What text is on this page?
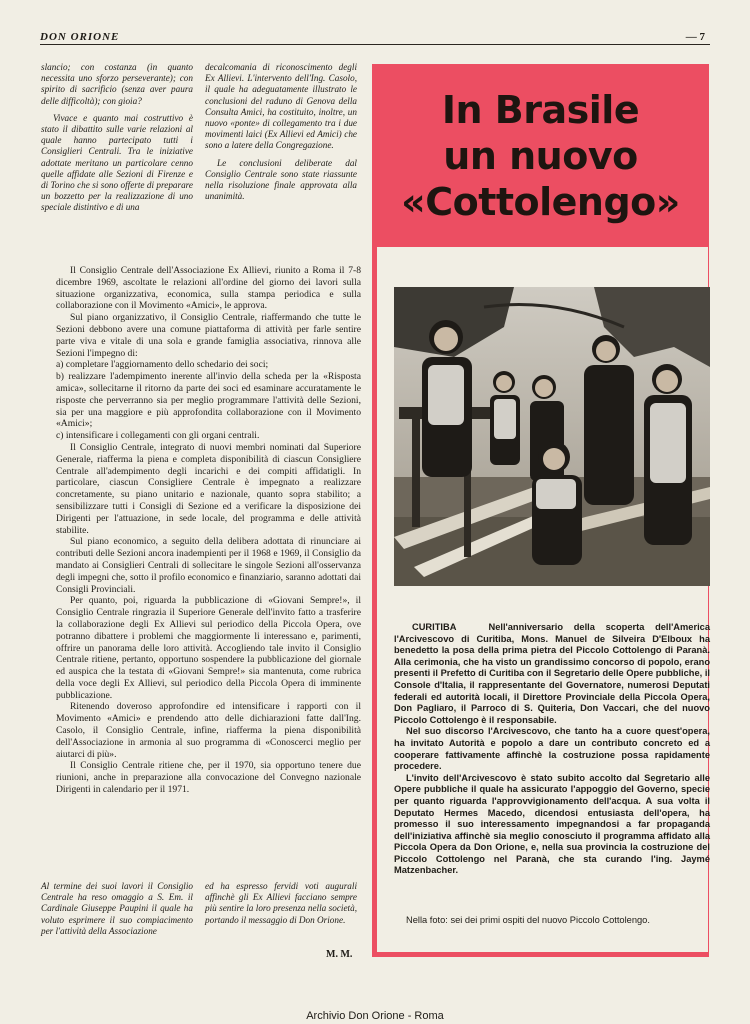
DON ORIONE	— 7

slancio; con costanza (in quanto necessita uno sforzo perseverante); con spirito di sacrificio (senza aver paura delle difficoltà); con gioia?

Vivace e quanto mai costruttivo è stato il dibattito sulle varie relazioni al quale hanno partecipato tutti i Consiglieri Centrali. Tra le iniziative adottate meritano un particolare cenno quelle affidate alle Sezioni di Firenze e di Torino che si sono offerte di preparare un bozzetto per la realizzazione di uno speciale distintivo e di una

decalcomania di riconoscimento degli Ex Allievi. L'intervento dell'Ing. Casolo, il quale ha adeguatamente illustrato le conclusioni del raduno di Genova della Consulta Amici, ha costituito, inoltre, un nuovo «ponte» di collegamento tra i due movimenti laici (Ex Allievi ed Amici) che sono a latere della Congregazione.

Le conclusioni deliberate dal Consiglio Centrale sono state riassunte nella risoluzione finale approvata alla unanimità.

Il Consiglio Centrale dell'Associazione Ex Allievi, riunito a Roma il 7-8 dicembre 1969, ascoltate le relazioni all'ordine del giorno dei lavori sulla situazione organizzativa, economica, sulla stampa periodica e sulla collaborazione con il Movimento «Amici», le approva.

Sul piano organizzativo, il Consiglio Centrale, riaffermando che tutte le Sezioni debbono avere una comune piattaforma di attività per farle sentire parte viva e vitale di una sola e grande famiglia associativa, rinnova alle Sezioni l'impegno di:

a) completare l'aggiornamento dello schedario dei soci;

b) realizzare l'adempimento inerente all'invio della scheda per la «Risposta amica», sollecitarne il ritorno da parte dei soci ed esaminare accuratamente le risposte che perverranno sia per meglio programmare l'attività delle Sezioni, sia per una maggiore e più approfondita collaborazione con il Movimento «Amici»;

c) intensificare i collegamenti con gli organi centrali.

Il Consiglio Centrale, integrato di nuovi membri nominati dal Superiore Generale, riafferma la piena e completa disponibilità di ciascun Consigliere Centrale all'adempimento degli incarichi e dei compiti affidatigli. In particolare, ciascun Consigliere Centrale è impegnato a realizzare concretamente, su piano unitario e nazionale, quanto sopra stabilito; a sensibilizzare tutti i Consigli di Sezione ed a verificare la disposizione dei Dirigenti per l'attuazione, in sede locale, del programma e delle attività stabilite.

Sul piano economico, a seguito della delibera adottata di rinunciare ai contributi delle Sezioni ancora inadempienti per il 1968 e 1969, il Consiglio da mandato ai Consiglieri Centrali di sollecitare le singole Sezioni all'osservanza degli impegni che, sotto il profilo economico e finanziario, saranno adottati dai Consigli Provinciali.

Per quanto, poi, riguarda la pubblicazione di «Giovani Sempre!», il Consiglio Centrale ringrazia il Superiore Generale dell'invito fatto a trasferire la collaborazione degli Ex Allievi sul periodico della Piccola Opera, ove potranno dibattere i problemi che maggiormente li interessano e, parimenti, offrire un panorama delle loro attività. Accogliendo tale invito il Consiglio Centrale ritiene, pertanto, opportuno sospendere la pubblicazione del giornale ed auspica che la testata di «Giovani Sempre!» sia mantenuta, come rubrica della voce degli Ex Allievi, sul periodico della Piccola Opera di imminente pubblicazione.

Ritenendo doveroso approfondire ed intensificare i rapporti con il Movimento «Amici» e prendendo atto delle dichiarazioni fatte dall'Ing. Casolo, il Consiglio Centrale, infine, riafferma la piena disponibilità dell'Associazione in armonia al suo programma di «Conoscerci meglio per aiutarci di più».

Il Consiglio Centrale ritiene che, per il 1970, sia opportuno tenere due riunioni, anche in preparazione alla convocazione del Convegno nazionale Dirigenti in calendario per il 1971.

Al termine dei suoi lavori il Consiglio Centrale ha reso omaggio a S. Em. il Cardinale Giuseppe Paupini il quale ha voluto esprimere il suo compiacimento per l'attività della Associazione
ed ha espresso fervidi voti augurali affinchè gli Ex Allievi facciano sempre più sentire la loro presenza nella società, portando il messaggio di Don Orione.
M. M.
In Brasile
un nuovo
«Cottolengo»

CURITIBA	Nell'anniversario della scoperta dell'America l'Arcivescovo di Curitiba, Mons. Manuel de Silveira D'Elboux ha benedetto la posa della prima pietra del Piccolo Cottolengo di Paranà. Alla cerimonia, che ha visto un grandissimo concorso di popolo, erano presenti il Prefetto di Curitiba con il Segretario delle Opere pubbliche, il Console d'Italia, il rappresentante del Governatore, numerosi Deputati federali ed autorità locali, il Direttore Provinciale della Piccola Opera, Don Pagliaro, il Parroco di S. Quiteria, Don Vaccari, che del nuovo Piccolo Cottolengo è il responsabile.

Nel suo discorso l'Arcivescovo, che tanto ha a cuore quest'opera, ha invitato Autorità e popolo a dare un contributo concreto ed a cooperare fattivamente affinchè la costruzione possa rapidamente procedere.

L'invito dell'Arcivescovo è stato subito accolto dal Segretario alle Opere pubbliche il quale ha assicurato l'appoggio del Governo, specie per quanto riguarda l'approvvigionamento dell'acqua. A sua volta il Deputato Hermes Macedo, dicendosi entusiasta dell'opera, ha promesso il suo interessamento impegnandosi a far propaganda dell'iniziativa affinchè sia meglio conosciuto il programma affidato alla Piccola Opera da Don Orione, e, nella sua provincia la costruzione del Piccolo Cottolengo nel Paranà, che sta curando l'ing. Jaymé Matzenbacher.

Nella foto: sei dei primi ospiti del nuovo Piccolo Cottolengo.
Archivio Don Orione - Roma
